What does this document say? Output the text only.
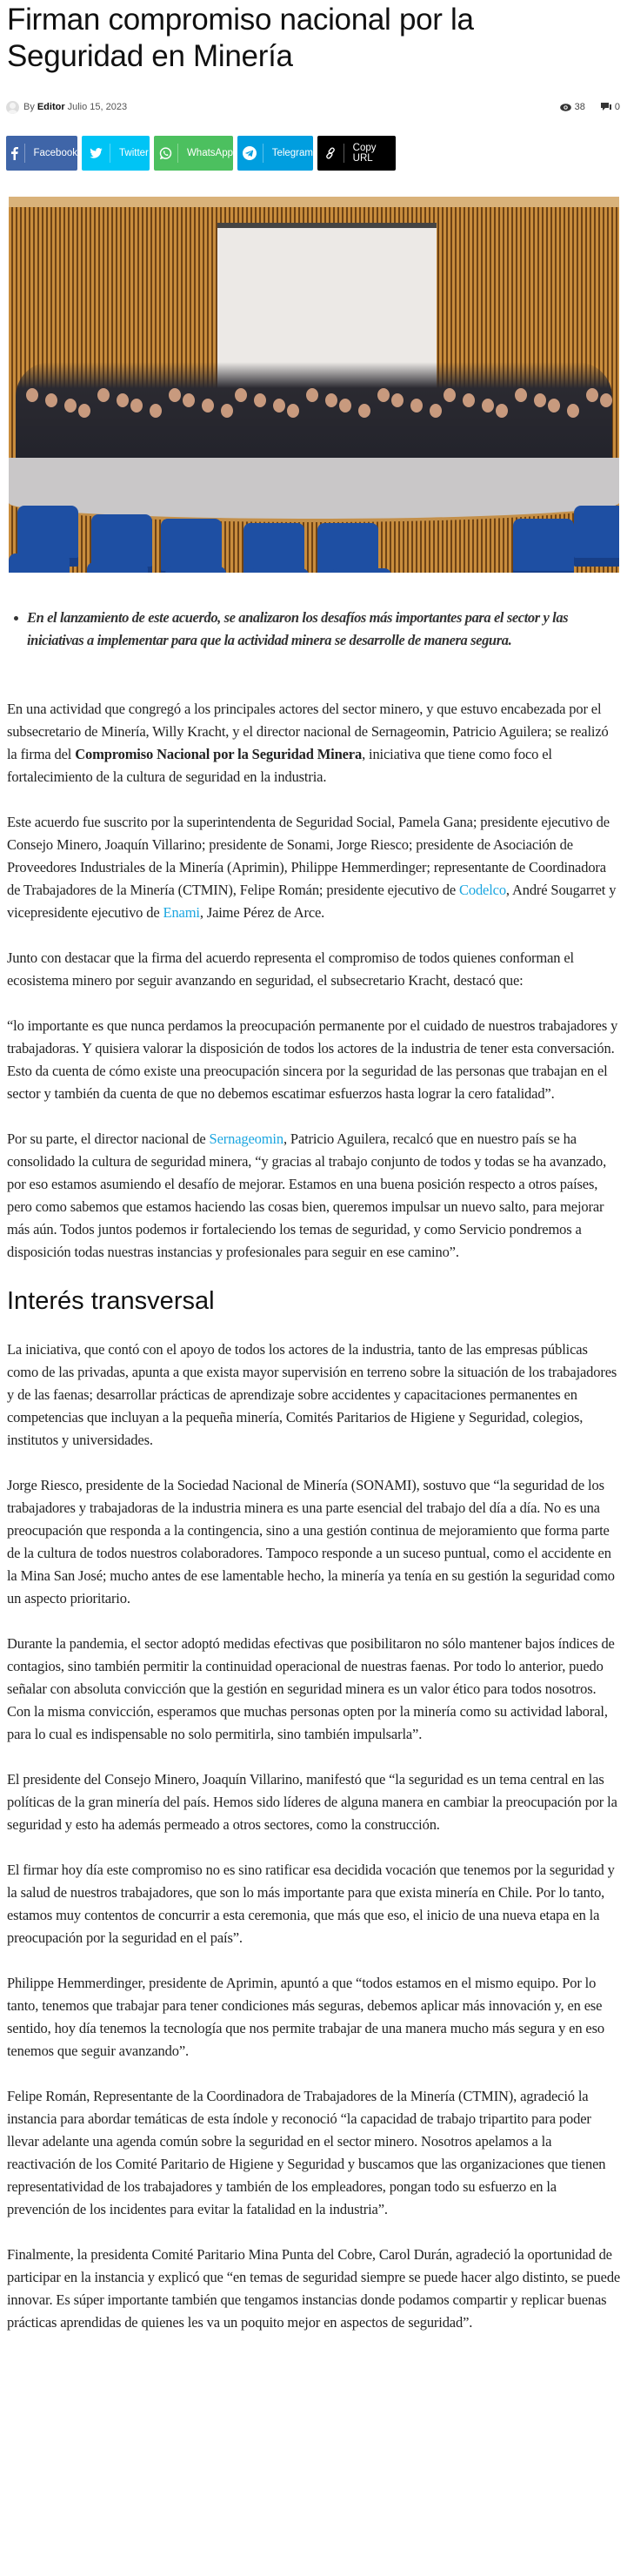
Firman compromiso nacional por la Seguridad en Minería
By Editor Julio 15, 2023	38	0
Facebook	Twitter	WhatsApp	Telegram	Copy URL
En el lanzamiento de este acuerdo, se analizaron los desafíos más importantes para el sector y las iniciativas a implementar para que la actividad minera se desarrolle de manera segura.

En una actividad que congregó a los principales actores del sector minero, y que estuvo encabezada por el subsecretario de Minería, Willy Kracht, y el director nacional de Sernageomin, Patricio Aguilera; se realizó la firma del Compromiso Nacional por la Seguridad Minera, iniciativa que tiene como foco el fortalecimiento de la cultura de seguridad en la industria.

Este acuerdo fue suscrito por la superintendenta de Seguridad Social, Pamela Gana; presidente ejecutivo de Consejo Minero, Joaquín Villarino; presidente de Sonami, Jorge Riesco; presidente de Asociación de Proveedores Industriales de la Minería (Aprimin), Philippe Hemmerdinger; representante de Coordinadora de Trabajadores de la Minería (CTMIN), Felipe Román; presidente ejecutivo de Codelco, André Sougarret y vicepresidente ejecutivo de Enami, Jaime Pérez de Arce.

Junto con destacar que la firma del acuerdo representa el compromiso de todos quienes conforman el ecosistema minero por seguir avanzando en seguridad, el subsecretario Kracht, destacó que:

“lo importante es que nunca perdamos la preocupación permanente por el cuidado de nuestros trabajadores y trabajadoras. Y quisiera valorar la disposición de todos los actores de la industria de tener esta conversación. Esto da cuenta de cómo existe una preocupación sincera por la seguridad de las personas que trabajan en el sector y también da cuenta de que no debemos escatimar esfuerzos hasta lograr la cero fatalidad”.

Por su parte, el director nacional de Sernageomin, Patricio Aguilera, recalcó que en nuestro país se ha consolidado la cultura de seguridad minera, “y gracias al trabajo conjunto de todos y todas se ha avanzado, por eso estamos asumiendo el desafío de mejorar. Estamos en una buena posición respecto a otros países, pero como sabemos que estamos haciendo las cosas bien, queremos impulsar un nuevo salto, para mejorar más aún. Todos juntos podemos ir fortaleciendo los temas de seguridad, y como Servicio pondremos a disposición todas nuestras instancias y profesionales para seguir en ese camino”.

Interés transversal

La iniciativa, que contó con el apoyo de todos los actores de la industria, tanto de las empresas públicas como de las privadas, apunta a que exista mayor supervisión en terreno sobre la situación de los trabajadores y de las faenas; desarrollar prácticas de aprendizaje sobre accidentes y capacitaciones permanentes en competencias que incluyan a la pequeña minería, Comités Paritarios de Higiene y Seguridad, colegios, institutos y universidades.

Jorge Riesco, presidente de la Sociedad Nacional de Minería (SONAMI), sostuvo que “la seguridad de los trabajadores y trabajadoras de la industria minera es una parte esencial del trabajo del día a día. No es una preocupación que responda a la contingencia, sino a una gestión continua de mejoramiento que forma parte de la cultura de todos nuestros colaboradores. Tampoco responde a un suceso puntual, como el accidente en la Mina San José; mucho antes de ese lamentable hecho, la minería ya tenía en su gestión la seguridad como un aspecto prioritario.

Durante la pandemia, el sector adoptó medidas efectivas que posibilitaron no sólo mantener bajos índices de contagios, sino también permitir la continuidad operacional de nuestras faenas. Por todo lo anterior, puedo señalar con absoluta convicción que la gestión en seguridad minera es un valor ético para todos nosotros. Con la misma convicción, esperamos que muchas personas opten por la minería como su actividad laboral, para lo cual es indispensable no solo permitirla, sino también impulsarla”.

El presidente del Consejo Minero, Joaquín Villarino, manifestó que “la seguridad es un tema central en las políticas de la gran minería del país. Hemos sido líderes de alguna manera en cambiar la preocupación por la seguridad y esto ha además permeado a otros sectores, como la construcción.

El firmar hoy día este compromiso no es sino ratificar esa decidida vocación que tenemos por la seguridad y la salud de nuestros trabajadores, que son lo más importante para que exista minería en Chile. Por lo tanto, estamos muy contentos de concurrir a esta ceremonia, que más que eso, el inicio de una nueva etapa en la preocupación por la seguridad en el país”.

Philippe Hemmerdinger, presidente de Aprimin, apuntó a que “todos estamos en el mismo equipo. Por lo tanto, tenemos que trabajar para tener condiciones más seguras, debemos aplicar más innovación y, en ese sentido, hoy día tenemos la tecnología que nos permite trabajar de una manera mucho más segura y en eso tenemos que seguir avanzando”.

Felipe Román, Representante de la Coordinadora de Trabajadores de la Minería (CTMIN), agradeció la instancia para abordar temáticas de esta índole y reconoció “la capacidad de trabajo tripartito para poder llevar adelante una agenda común sobre la seguridad en el sector minero. Nosotros apelamos a la reactivación de los Comité Paritario de Higiene y Seguridad y buscamos que las organizaciones que tienen representatividad de los trabajadores y también de los empleadores, pongan todo su esfuerzo en la prevención de los incidentes para evitar la fatalidad en la industria”.

Finalmente, la presidenta Comité Paritario Mina Punta del Cobre, Carol Durán, agradeció la oportunidad de participar en la instancia y explicó que “en temas de seguridad siempre se puede hacer algo distinto, se puede innovar. Es súper importante también que tengamos instancias donde podamos compartir y replicar buenas prácticas aprendidas de quienes les va un poquito mejor en aspectos de seguridad”.
